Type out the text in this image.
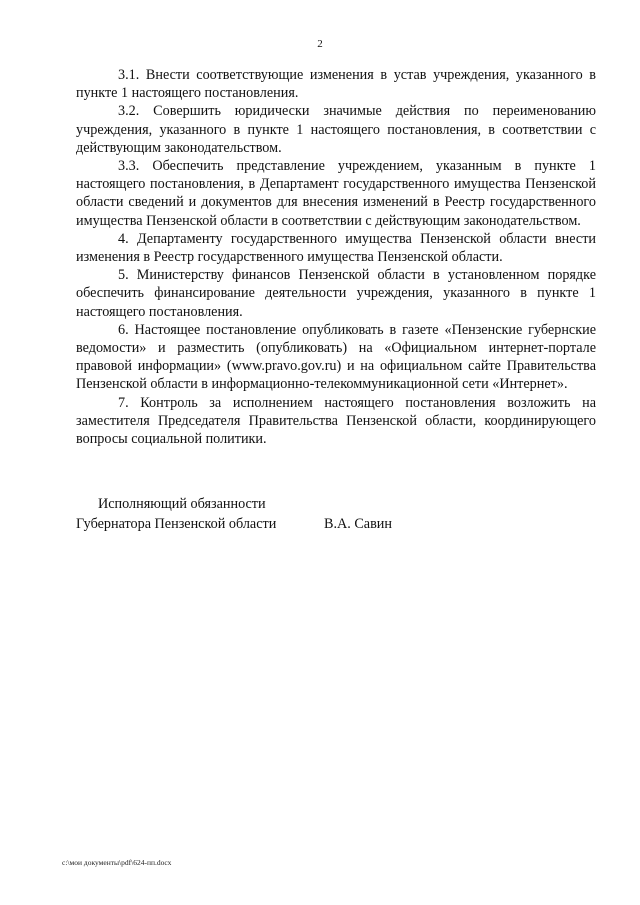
2

3.1. Внести соответствующие изменения в устав учреждения, указанного в пункте 1 настоящего постановления.

3.2. Совершить юридически значимые действия по переименованию учреждения, указанного в пункте 1 настоящего постановления, в соответствии с действующим законодательством.

3.3. Обеспечить представление учреждением, указанным в пункте 1 настоящего постановления, в Департамент государственного имущества Пензенской области сведений и документов для внесения изменений в Реестр государственного имущества Пензенской области в соответствии с действующим законодательством.

4. Департаменту государственного имущества Пензенской области внести изменения в Реестр государственного имущества Пензенской области.

5. Министерству финансов Пензенской области в установленном порядке обеспечить финансирование деятельности учреждения, указанного в пункте 1 настоящего постановления.

6. Настоящее постановление опубликовать в газете «Пензенские губернские ведомости» и разместить (опубликовать) на «Официальном интернет-портале правовой информации» (www.pravo.gov.ru) и на официальном сайте Правительства Пензенской области в информационно-телекоммуникационной сети «Интернет».

7. Контроль за исполнением настоящего постановления возложить на заместителя Председателя Правительства Пензенской области, координирующего вопросы социальной политики.

Исполняющий обязанности
Губернатора Пензенской области	В.А. Савин
c:\мои документы\pdf\624-пп.docx
